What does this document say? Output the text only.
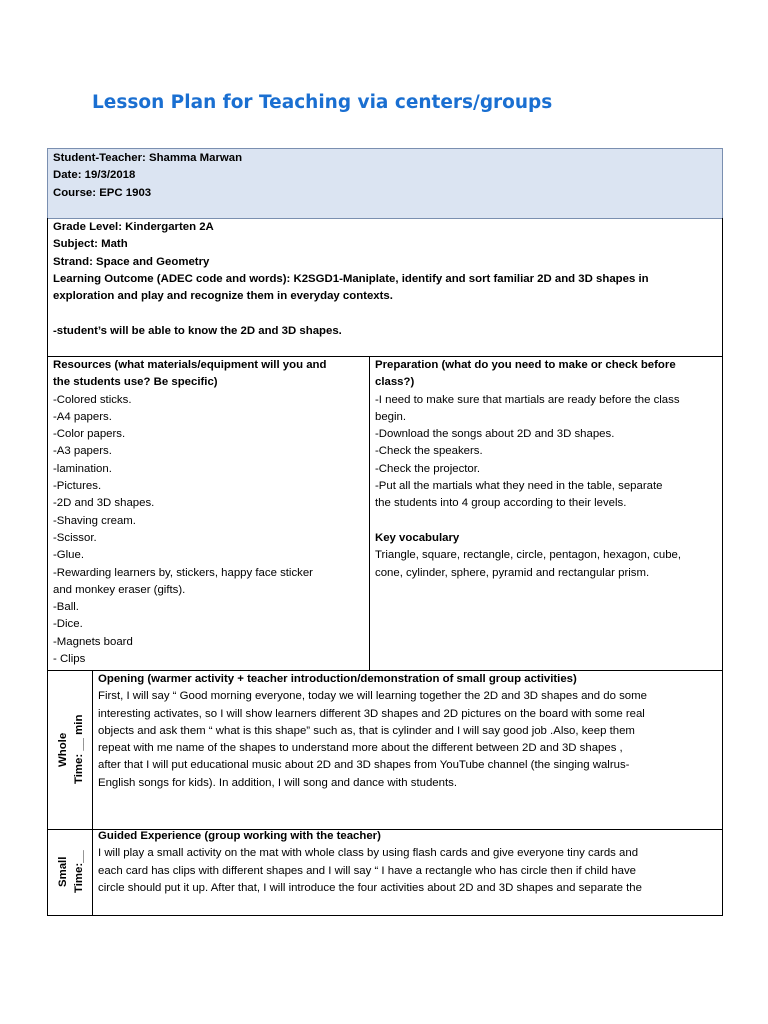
Lesson Plan for Teaching via centers/groups
Student-Teacher: Shamma Marwan
Date: 19/3/2018
Course: EPC 1903
Grade Level: Kindergarten 2A
Subject: Math
Strand: Space and Geometry
Learning Outcome (ADEC code and words): K2SGD1-Maniplate, identify and sort familiar 2D and 3D shapes in
exploration and play and recognize them in everyday contexts.
-student’s will be able to know the 2D and 3D shapes.
Resources (what materials/equipment will you and
the students use? Be specific)
-Colored sticks.
-A4 papers.
-Color papers.
-A3 papers.
-lamination.
-Pictures.
-2D and 3D shapes.
-Shaving cream.
-Scissor.
-Glue.
-Rewarding learners by, stickers, happy face sticker
and monkey eraser (gifts).
-Ball.
-Dice.
-Magnets board
- Clips
Preparation (what do you need to make or check before
class?)
-I need to make sure that martials are ready before the class
begin.
-Download the songs about 2D and 3D shapes.
-Check the speakers.
-Check the projector.
-Put all the martials what they need in the table, separate
the students into 4 group according to their levels.
Key vocabulary
Triangle, square, rectangle, circle, pentagon, hexagon, cube,
cone, cylinder, sphere, pyramid and rectangular prism.
Whole Time: __ min
Opening (warmer activity + teacher introduction/demonstration of small group activities)
First, I will say “ Good morning everyone, today we will learning together the 2D and 3D shapes and do some
interesting activates, so I will show learners different 3D shapes and 2D pictures on the board with some real
objects and ask them “ what is this shape” such as, that is cylinder and I will say good job .Also, keep them
repeat with me name of the shapes to understand more about the different between 2D and 3D shapes ,
after that I will put educational music about 2D and 3D shapes from YouTube channel (the singing walrus-
English songs for kids). In addition, I will song and dance with students.
Small Time:__
Guided Experience (group working with the teacher)
I will play a small activity on the mat with whole class by using flash cards and give everyone tiny cards and
each card has clips with different shapes and I will say “ I have a rectangle who has circle then if child have
circle should put it up. After that, I will introduce the four activities about 2D and 3D shapes and separate the
